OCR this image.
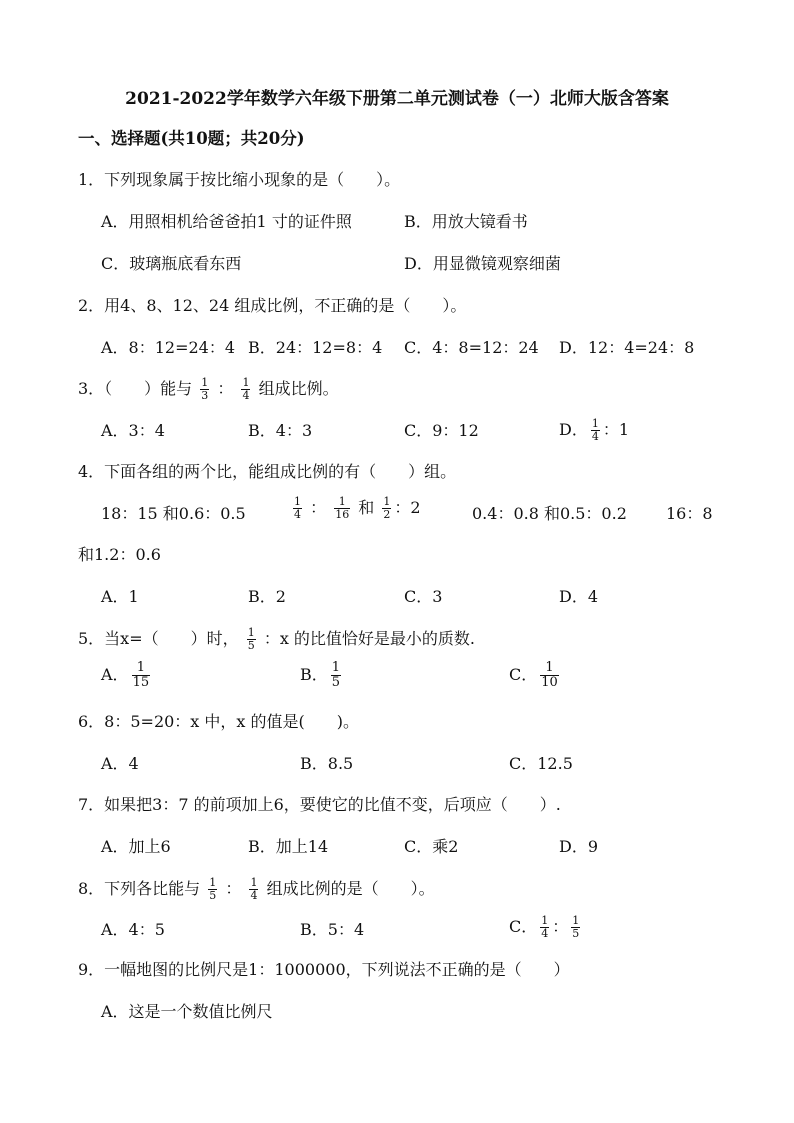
2021-2022学年数学六年级下册第二单元测试卷（一）北师大版含答案
一、选择题(共10题；共20分)
1．下列现象属于按比缩小现象的是（　　）。
A．用照相机给爸爸拍1 寸的证件照	B．用放大镜看书
C．玻璃瓶底看东西	D．用显微镜观察细菌
2．用4、8、12、24 组成比例，不正确的是（　　）。
A．8：12=24：4 B．24：12=8：4 C．4：8=12：24 D．12：4=24：8
3．（　　）能与 $\frac{1}{3}$ ： $\frac{1}{4}$ 组成比例。
A．3：4	B．4：3	C．9：12	D． $\frac{1}{4}$ ：1
4．下面各组的两个比，能组成比例的有（　　）组。
18：15 和0.6：0.5	$\frac{1}{4}$ ： $\frac{1}{16}$ 和 $\frac{1}{2}$ ：2	0.4：0.8 和0.5：0.2 16：8
和1.2：0.6
A．1	B．2	C．3	D．4
5．当x=（　　）时， $\frac{1}{5}$ ：x 的比值恰好是最小的质数.
A． $\frac{1}{15}$	B． $\frac{1}{5}$	C． $\frac{1}{10}$
6．8：5=20：x 中，x 的值是(　　)。
A．4	B．8.5	C．12.5
7．如果把3：7 的前项加上6，要使它的比值不变，后项应（　　）.
A．加上6	B．加上14	C．乘2	D．9
8．下列各比能与 $\frac{1}{5}$ ： $\frac{1}{4}$ 组成比例的是（　　）。
A．4：5	B．5：4	C． $\frac{1}{4}$ ： $\frac{1}{5}$
9．一幅地图的比例尺是1：1000000，下列说法不正确的是（　　）
A．这是一个数值比例尺
